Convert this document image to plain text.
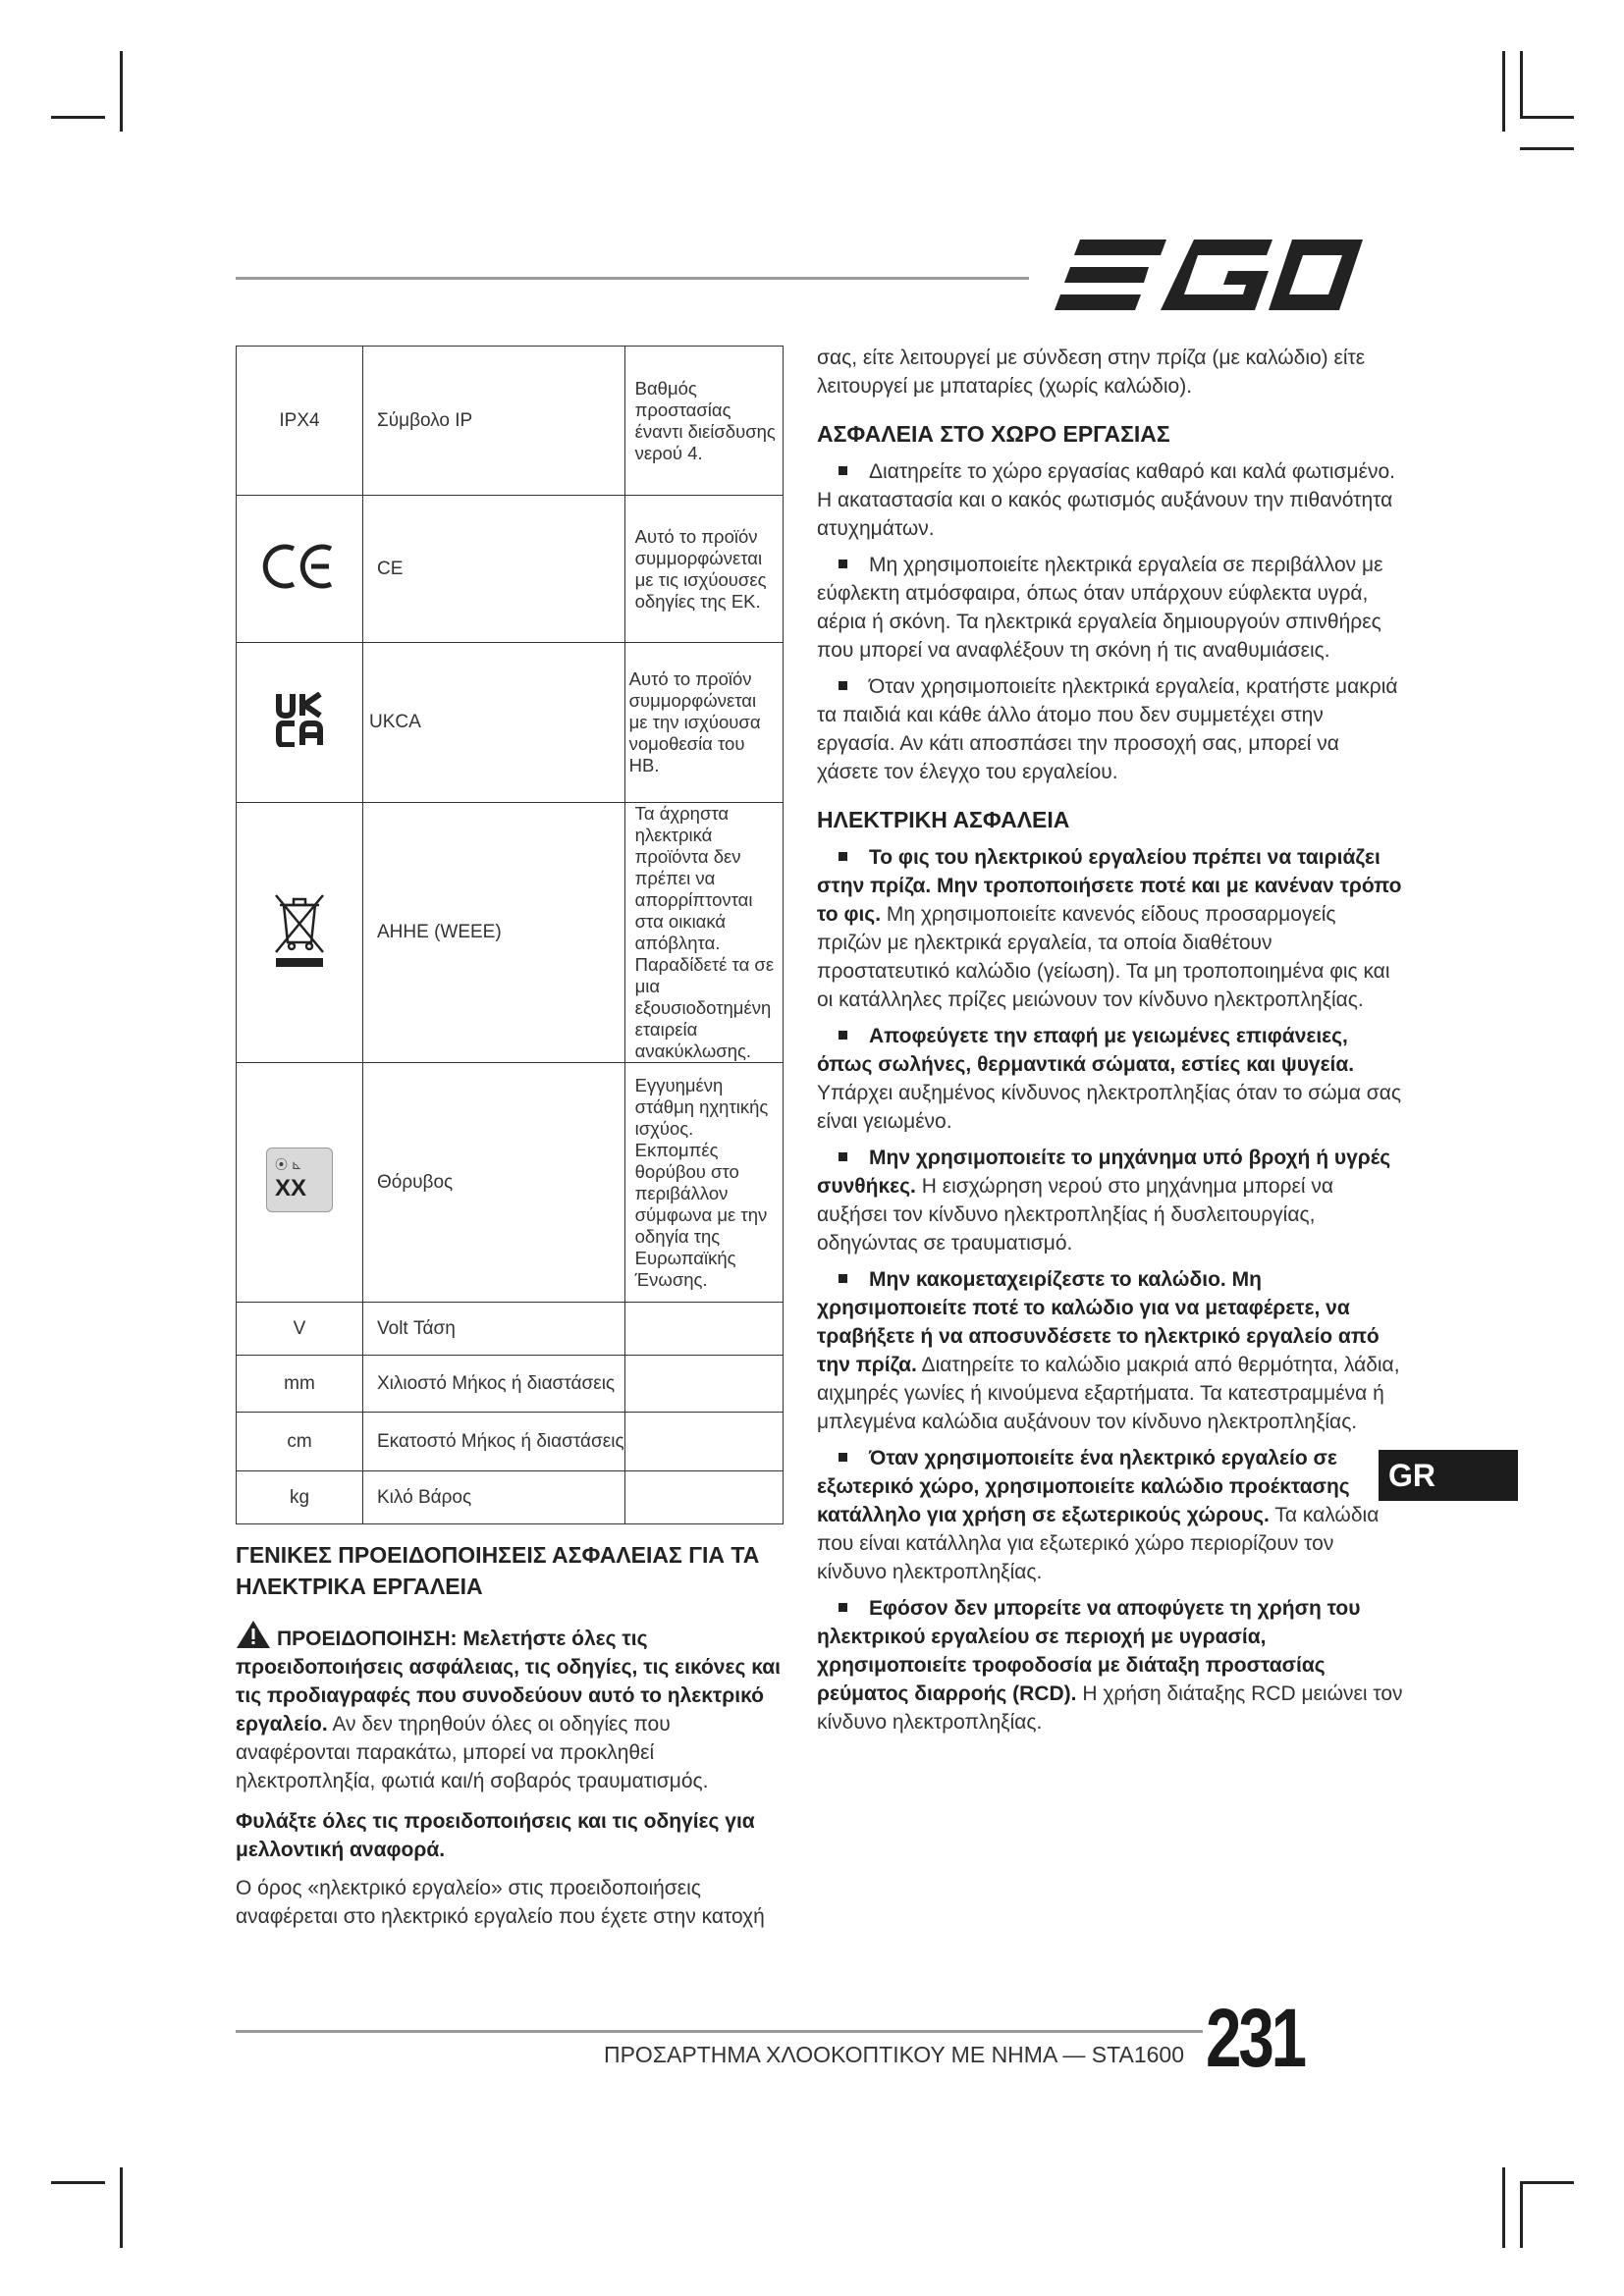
IPX4	Σύμβολο IP	Βαθμός προστασίας έναντι διείσδυσης νερού 4.
	CE	Αυτό το προϊόν συμμορφώνεται με τις ισχύουσες οδηγίες της ΕΚ.
	UKCA	Αυτό το προϊόν συμμορφώνεται με την ισχύουσα νομοθεσία του ΗΒ.
	ΑΗΗΕ (WEEE)	Τα άχρηστα ηλεκτρικά προϊόντα δεν πρέπει να απορρίπτονται στα οικιακά απόβλητα. Παραδίδετέ τα σε μια εξουσιοδοτημένη εταιρεία ανακύκλωσης.

⦿ ⊾
XX	Θόρυβος	Εγγυημένη στάθμη ηχητικής ισχύος. Εκπομπές θορύβου στο περιβάλλον σύμφωνα με την οδηγία της Ευρωπαϊκής Ένωσης.
V	Volt Τάση	
mm	Χιλιοστό Μήκος ή διαστάσεις	
cm	Εκατοστό Μήκος ή διαστάσεις	
kg	Κιλό Βάρος	
ΓΕΝΙΚΕΣ ΠΡΟΕΙΔΟΠΟΙΗΣΕΙΣ ΑΣΦΑΛΕΙΑΣ ΓΙΑ ΤΑ ΗΛΕΚΤΡΙΚΑ ΕΡΓΑΛΕΙΑ

ΠΡΟΕΙΔΟΠΟΙΗΣΗ: Μελετήστε όλες τις προειδοποιήσεις ασφάλειας, τις οδηγίες, τις εικόνες και τις προδιαγραφές που συνοδεύουν αυτό το ηλεκτρικό εργαλείο. Αν δεν τηρηθούν όλες οι οδηγίες που αναφέρονται παρακάτω, μπορεί να προκληθεί ηλεκτροπληξία, φωτιά και/ή σοβαρός τραυματισμός.

Φυλάξτε όλες τις προειδοποιήσεις και τις οδηγίες για μελλοντική αναφορά.

Ο όρος «ηλεκτρικό εργαλείο» στις προειδοποιήσεις αναφέρεται στο ηλεκτρικό εργαλείο που έχετε στην κατοχή

σας, είτε λειτουργεί με σύνδεση στην πρίζα (με καλώδιο) είτε λειτουργεί με μπαταρίες (χωρίς καλώδιο).

ΑΣΦΑΛΕΙΑ ΣΤΟ ΧΩΡΟ ΕΡΓΑΣΙΑΣ

Διατηρείτε το χώρο εργασίας καθαρό και καλά φωτισμένο. Η ακαταστασία και ο κακός φωτισμός αυξάνουν την πιθανότητα ατυχημάτων.

Μη χρησιμοποιείτε ηλεκτρικά εργαλεία σε περιβάλλον με εύφλεκτη ατμόσφαιρα, όπως όταν υπάρχουν εύφλεκτα υγρά, αέρια ή σκόνη. Τα ηλεκτρικά εργαλεία δημιουργούν σπινθήρες που μπορεί να αναφλέξουν τη σκόνη ή τις αναθυμιάσεις.

Όταν χρησιμοποιείτε ηλεκτρικά εργαλεία, κρατήστε μακριά τα παιδιά και κάθε άλλο άτομο που δεν συμμετέχει στην εργασία. Αν κάτι αποσπάσει την προσοχή σας, μπορεί να χάσετε τον έλεγχο του εργαλείου.

ΗΛΕΚΤΡΙΚΗ ΑΣΦΑΛΕΙΑ

Το φις του ηλεκτρικού εργαλείου πρέπει να ταιριάζει στην πρίζα. Μην τροποποιήσετε ποτέ και με κανέναν τρόπο το φις. Μη χρησιμοποιείτε κανενός είδους προσαρμογείς πριζών με ηλεκτρικά εργαλεία, τα οποία διαθέτουν προστατευτικό καλώδιο (γείωση). Τα μη τροποποιημένα φις και οι κατάλληλες πρίζες μειώνουν τον κίνδυνο ηλεκτροπληξίας.

Αποφεύγετε την επαφή με γειωμένες επιφάνειες, όπως σωλήνες, θερμαντικά σώματα, εστίες και ψυγεία. Υπάρχει αυξημένος κίνδυνος ηλεκτροπληξίας όταν το σώμα σας είναι γειωμένο.

Μην χρησιμοποιείτε το μηχάνημα υπό βροχή ή υγρές συνθήκες. Η εισχώρηση νερού στο μηχάνημα μπορεί να αυξήσει τον κίνδυνο ηλεκτροπληξίας ή δυσλειτουργίας, οδηγώντας σε τραυματισμό.

Μην κακομεταχειρίζεστε το καλώδιο. Μη χρησιμοποιείτε ποτέ το καλώδιο για να μεταφέρετε, να τραβήξετε ή να αποσυνδέσετε το ηλεκτρικό εργαλείο από την πρίζα. Διατηρείτε το καλώδιο μακριά από θερμότητα, λάδια, αιχμηρές γωνίες ή κινούμενα εξαρτήματα. Τα κατεστραμμένα ή μπλεγμένα καλώδια αυξάνουν τον κίνδυνο ηλεκτροπληξίας.

Όταν χρησιμοποιείτε ένα ηλεκτρικό εργαλείο σε εξωτερικό χώρο, χρησιμοποιείτε καλώδιο προέκτασης κατάλληλο για χρήση σε εξωτερικούς χώρους. Τα καλώδια που είναι κατάλληλα για εξωτερικό χώρο περιορίζουν τον κίνδυνο ηλεκτροπληξίας.

Εφόσον δεν μπορείτε να αποφύγετε τη χρήση του ηλεκτρικού εργαλείου σε περιοχή με υγρασία, χρησιμοποιείτε τροφοδοσία με διάταξη προστασίας ρεύματος διαρροής (RCD). Η χρήση διάταξης RCD μειώνει τον κίνδυνο ηλεκτροπληξίας.

GR
ΠΡΟΣΑΡΤΗΜΑ ΧΛΟΟΚΟΠΤΙΚΟΥ ΜΕ ΝΗΜΑ — STA1600 231
